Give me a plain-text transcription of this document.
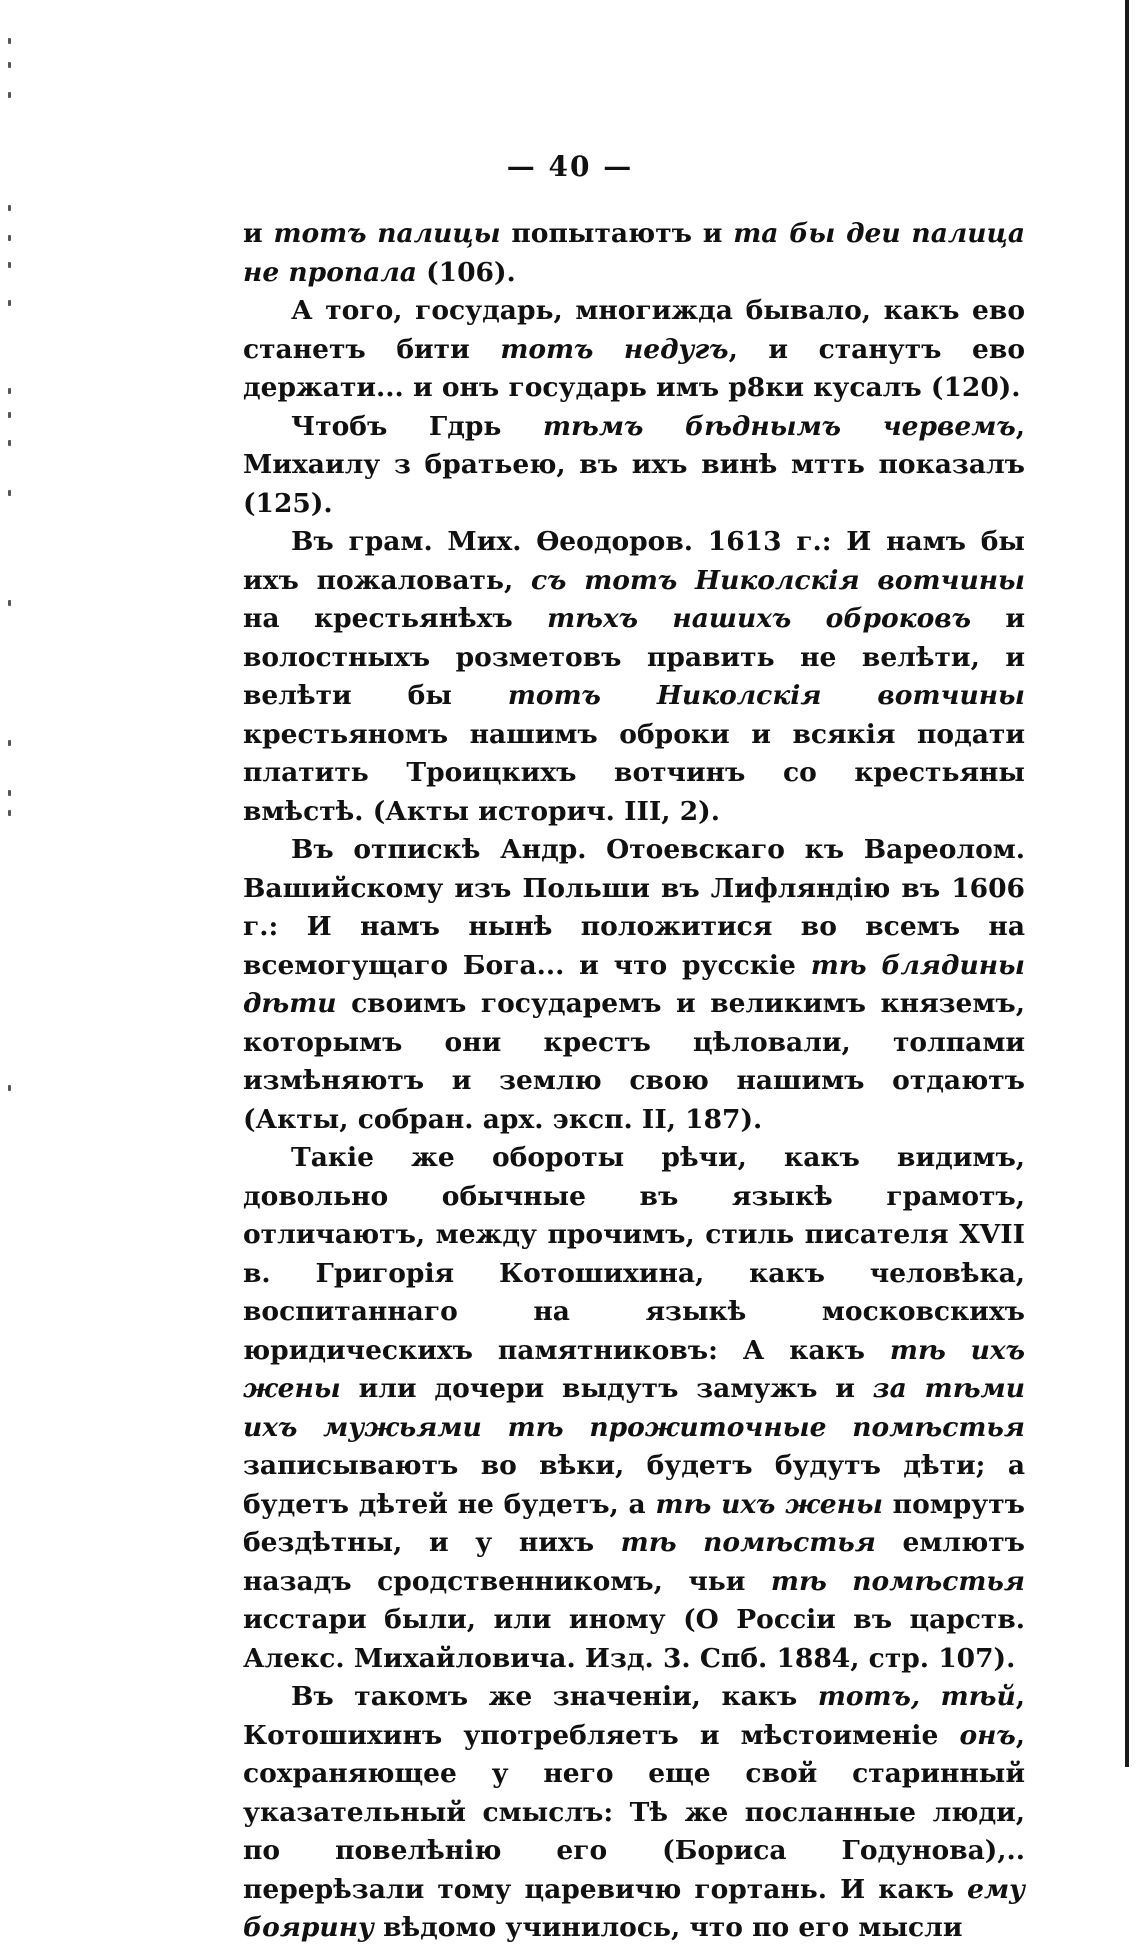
— 40 —

и тотъ палицы попытаютъ и та бы деи палица не пропала (106).

А того, государь, многижда бывало, какъ ево станетъ бити тотъ недугъ, и станутъ ево держати... и онъ государь имъ р8ки кусалъ (120).

Чтобъ Гдрь тѣмъ бѣднымъ червемъ, Михаилу з братьею, въ ихъ винѣ мтть показалъ (125).

Въ грам. Мих. Өеодоров. 1613 г.: И намъ бы ихъ пожаловать, съ тотъ Николскія вотчины на крестьянѣхъ тѣхъ нашихъ оброковъ и волостныхъ розметовъ править не велѣти, и велѣти бы тотъ Николскія вотчины крестьяномъ нашимъ оброки и всякія подати платить Троицкихъ вотчинъ со крестьяны вмѣстѣ. (Акты историч. III, 2).

Въ отпискѣ Андр. Отоевскаго къ Вареолом. Вашийскому изъ Польши въ Лифляндію въ 1606 г.: И намъ нынѣ положитися во всемъ на всемогущаго Бога... и что русскіе тѣ блядины дѣти своимъ государемъ и великимъ княземъ, которымъ они крестъ цѣловали, толпами измѣняютъ и землю свою нашимъ отдаютъ (Акты, собран. арх. эксп. II, 187).

Такіе же обороты рѣчи, какъ видимъ, довольно обычные въ языкѣ грамотъ, отличаютъ, между прочимъ, стиль писателя XVII в. Григорія Котошихина, какъ человѣка, воспитаннаго на языкѣ московскихъ юридическихъ памятниковъ: А какъ тѣ ихъ жены или дочери выдутъ замужъ и за тѣми ихъ мужьями тѣ прожиточные помѣстья записываютъ во вѣки, будетъ будутъ дѣти; а будетъ дѣтей не будетъ, а тѣ ихъ жены помрутъ бездѣтны, и у нихъ тѣ помѣстья емлютъ назадъ сродственникомъ, чьи тѣ помѣстья исстари были, или иному (О Россіи въ царств. Алекс. Михайловича. Изд. 3. Спб. 1884, стр. 107).

Въ такомъ же значеніи, какъ тотъ, тѣй, Котошихинъ употребляетъ и мѣстоименіе онъ, сохраняющее у него еще свой старинный указательный смыслъ: Тѣ же посланные люди, по повелѣнію его (Бориса Годунова),.. перерѣзали тому царевичю гортань. И какъ ему боярину вѣдомо учинилось, что по его мысли
